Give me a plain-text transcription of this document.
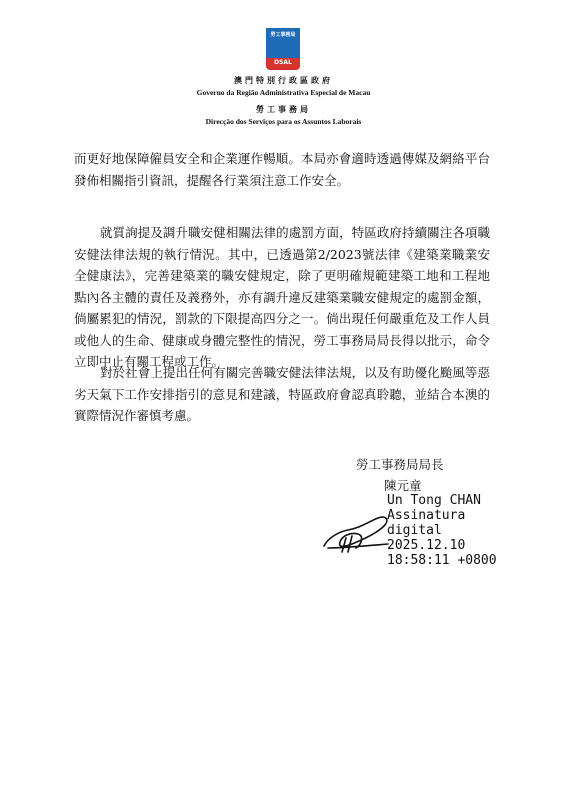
勞工事務局
DSAL
澳門特別行政區政府
Governo da Região Administrativa Especial de Macau
勞工事務局
Direcção dos Serviços para os Assuntos Laborais

而更好地保障僱員安全和企業運作暢順。本局亦會適時透過傳媒及網絡平台發佈相關指引資訊，提醒各行業須注意工作安全。

就質詢提及調升職安健相關法律的處罰方面，特區政府持續關注各項職安健法律法規的執行情況。其中，已透過第2/2023號法律《建築業職業安全健康法》，完善建築業的職安健規定，除了更明確規範建築工地和工程地點內各主體的責任及義務外，亦有調升違反建築業職安健規定的處罰金額，倘屬累犯的情況，罰款的下限提高四分之一。倘出現任何嚴重危及工作人員或他人的生命、健康或身體完整性的情況，勞工事務局局長得以批示，命令立即中止有關工程或工作。

對於社會上提出任何有關完善職安健法律法規，以及有助優化颱風等惡劣天氣下工作安排指引的意見和建議，特區政府會認真聆聽，並結合本澳的實際情況作審慎考慮。

勞工事務局局長
陳元童
Un Tong CHAN
Assinatura
digital
2025.12.10
18:58:11 +0800
